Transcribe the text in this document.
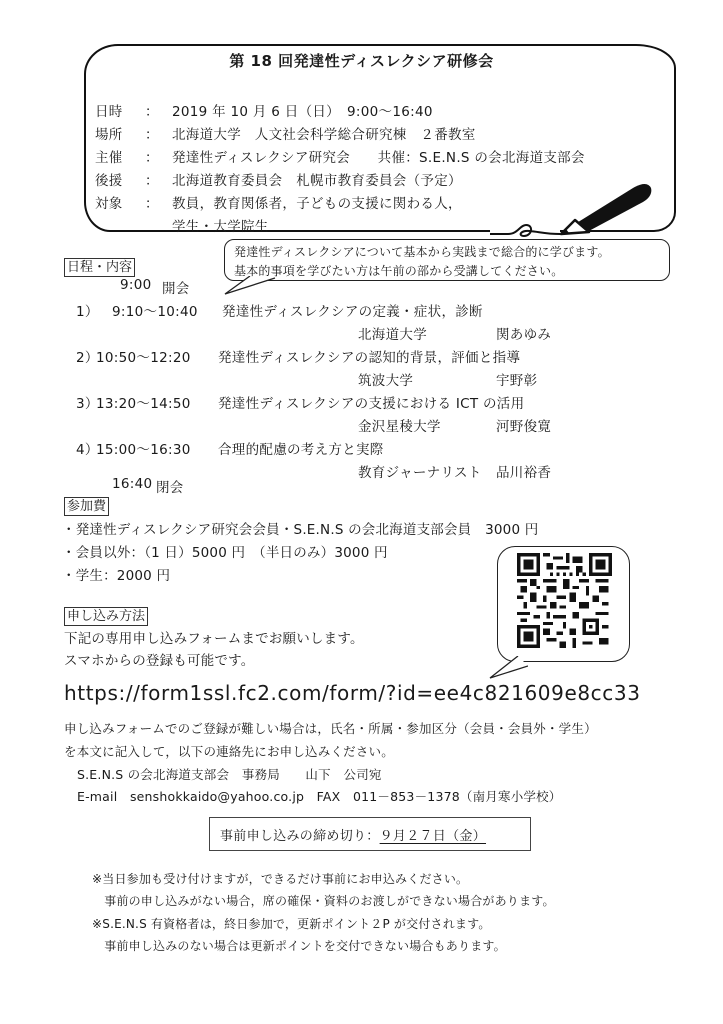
第 18 回発達性ディスレクシア研修会
日時 ： 2019 年 10 月 6 日（日）　9:00～16:40
場所 ： 北海道大学　人文社会科学総合研究棟　２番教室
主催 ： 発達性ディスレクシア研究会　　共催：S.E.N.S の会北海道支部会
後援 ： 北海道教育委員会　札幌市教育委員会（予定）
対象 ： 教員，教育関係者，子どもの支援に関わる人，
学生・大学院生
発達性ディスレクシアについて基本から実践まで総合的に学びます。
基本的事項を学びたい方は午前の部から受講してください。
日程・内容
9:00 開会
1） 9:10～10:40 発達性ディスレクシアの定義・症状，診断
北海道大学	関あゆみ
2）
10:50～12:20 発達性ディスレクシアの認知的背景，評価と指導
筑波大学	宇野彰
3）
13:20～14:50 発達性ディスレクシアの支援における ICT の活用
金沢星稜大学	河野俊寛
4）
15:00～16:30 合理的配慮の考え方と実際
教育ジャーナリスト 品川裕香
16:40 閉会
参加費
・発達性ディスレクシア研究会会員・S.E.N.S の会北海道支部会員　3000 円
・会員以外：（1 日）5000 円　（半日のみ）3000 円
・学生：2000 円
申し込み方法
下記の専用申し込みフォームまでお願いします。
スマホからの登録も可能です。
https://form1ssl.fc2.com/form/?id=ee4c821609e8cc33
申し込みフォームでのご登録が難しい場合は，氏名・所属・参加区分（会員・会員外・学生）
を本文に記入して，以下の連絡先にお申し込みください。
S.E.N.S の会北海道支部会　事務局　　山下　公司宛
E-mail senshokkaido@yahoo.co.jp FAX 011－853－1378（南月寒小学校）
事前申し込みの締め切り：９月２７日（金）
※当日参加も受け付けますが，できるだけ事前にお申込みください。
　事前の申し込みがない場合，席の確保・資料のお渡しができない場合があります。
※S.E.N.S 有資格者は，終日参加で，更新ポイント２P が交付されます。
　事前申し込みのない場合は更新ポイントを交付できない場合もあります。
